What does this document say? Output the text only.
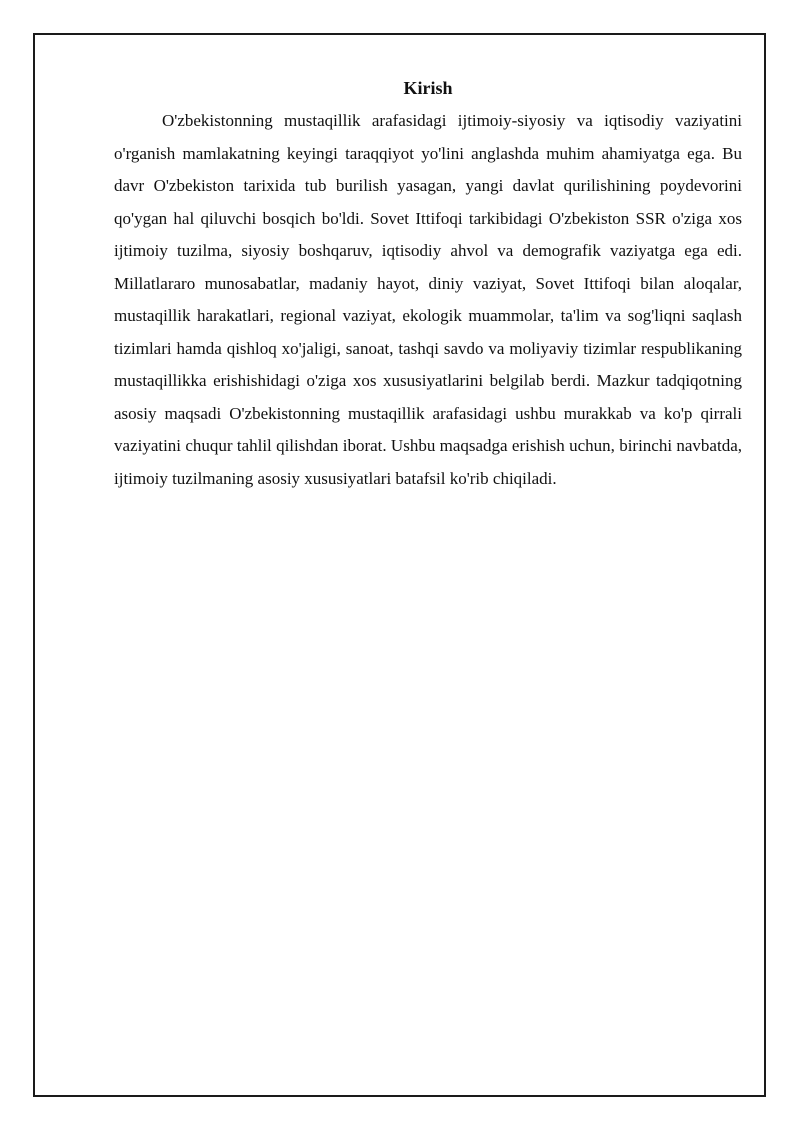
Kirish

O'zbekistonning mustaqillik arafasidagi ijtimoiy-siyosiy va iqtisodiy vaziyatini o'rganish mamlakatning keyingi taraqqiyot yo'lini anglashda muhim ahamiyatga ega. Bu davr O'zbekiston tarixida tub burilish yasagan, yangi davlat qurilishining poydevorini qo'ygan hal qiluvchi bosqich bo'ldi. Sovet Ittifoqi tarkibidagi O'zbekiston SSR o'ziga xos ijtimoiy tuzilma, siyosiy boshqaruv, iqtisodiy ahvol va demografik vaziyatga ega edi. Millatlararo munosabatlar, madaniy hayot, diniy vaziyat, Sovet Ittifoqi bilan aloqalar, mustaqillik harakatlari, regional vaziyat, ekologik muammolar, ta'lim va sog'liqni saqlash tizimlari hamda qishloq xo'jaligi, sanoat, tashqi savdo va moliyaviy tizimlar respublikaning mustaqillikka erishishidagi o'ziga xos xususiyatlarini belgilab berdi. Mazkur tadqiqotning asosiy maqsadi O'zbekistonning mustaqillik arafasidagi ushbu murakkab va ko'p qirrali vaziyatini chuqur tahlil qilishdan iborat. Ushbu maqsadga erishish uchun, birinchi navbatda, ijtimoiy tuzilmaning asosiy xususiyatlari batafsil ko'rib chiqiladi.
